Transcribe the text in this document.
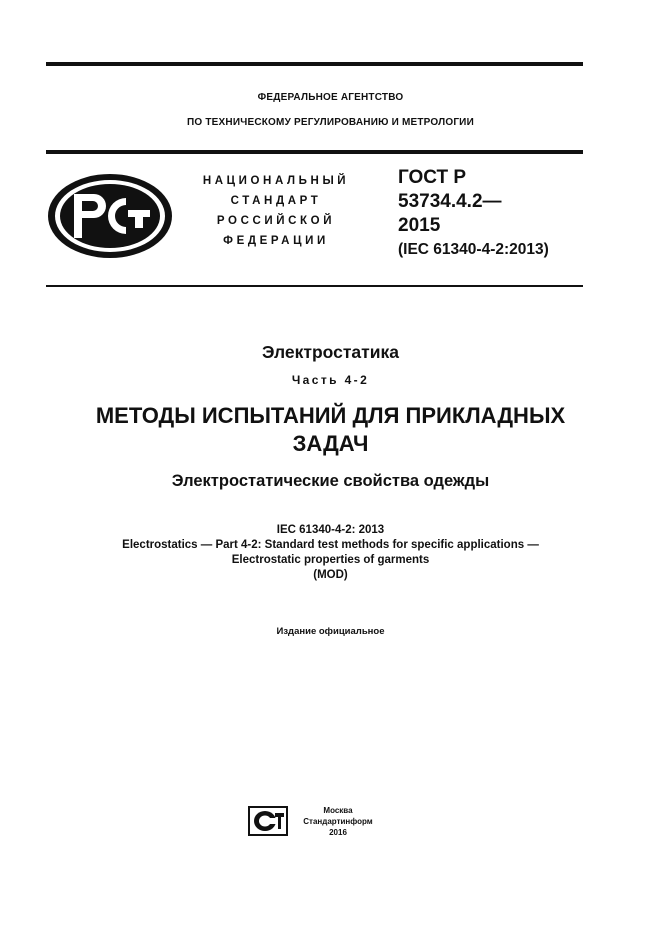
ФЕДЕРАЛЬНОЕ АГЕНТСТВО
ПО ТЕХНИЧЕСКОМУ РЕГУЛИРОВАНИЮ И МЕТРОЛОГИИ
НАЦИОНАЛЬНЫЙ
СТАНДАРТ
РОССИЙСКОЙ
ФЕДЕРАЦИИ
ГОСТ Р
53734.4.2—
2015
(IEC 61340-4-2:2013)
Электростатика
Часть 4-2
МЕТОДЫ ИСПЫТАНИЙ ДЛЯ ПРИКЛАДНЫХ
ЗАДАЧ
Электростатические свойства одежды
IEC 61340-4-2: 2013
Electrostatics — Part 4-2: Standard test methods for specific applications —
Electrostatic properties of garments
(MOD)
Издание официальное
Москва
Стандартинформ
2016
